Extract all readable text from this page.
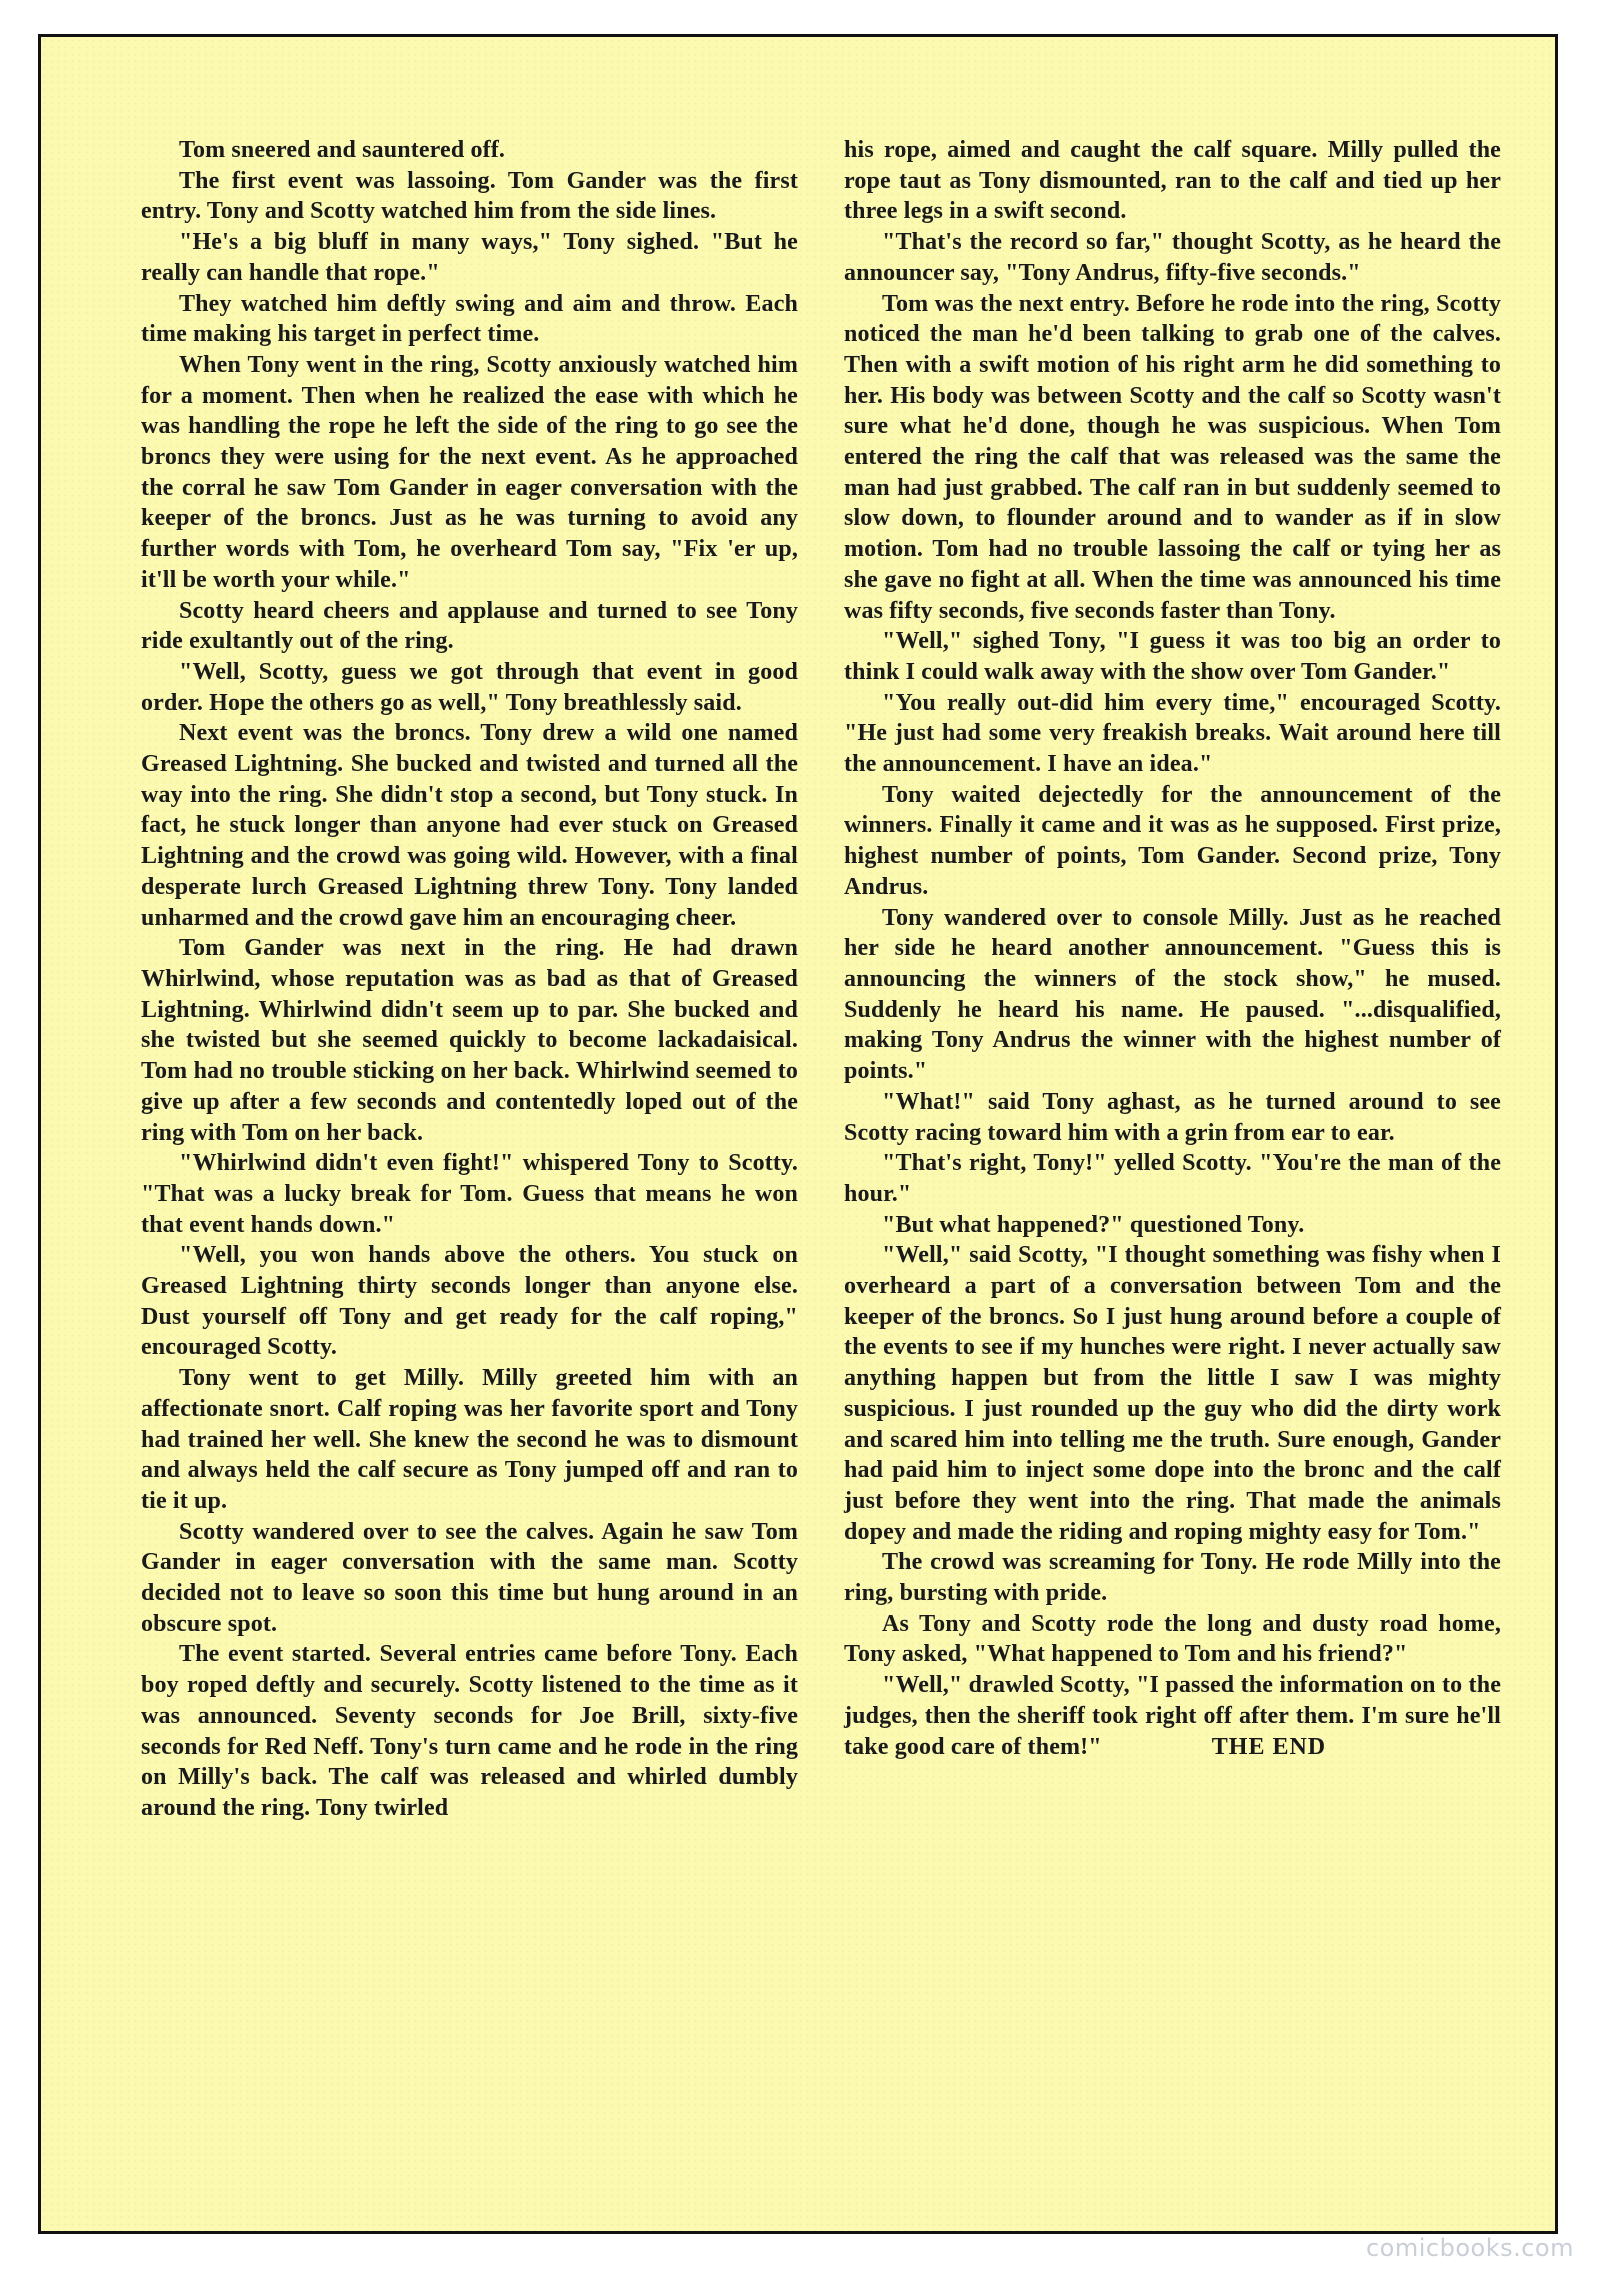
Tom sneered and sauntered off.

The first event was lassoing. Tom Gander was the first entry. Tony and Scotty watched him from the side lines.

"He's a big bluff in many ways," Tony sighed. "But he really can handle that rope."

They watched him deftly swing and aim and throw. Each time making his target in perfect time.

When Tony went in the ring, Scotty anxiously watched him for a moment. Then when he realized the ease with which he was handling the rope he left the side of the ring to go see the broncs they were using for the next event. As he approached the corral he saw Tom Gander in eager conversation with the keeper of the broncs. Just as he was turning to avoid any further words with Tom, he overheard Tom say, "Fix 'er up, it'll be worth your while."

Scotty heard cheers and applause and turned to see Tony ride exultantly out of the ring.

"Well, Scotty, guess we got through that event in good order. Hope the others go as well," Tony breathlessly said.

Next event was the broncs. Tony drew a wild one named Greased Lightning. She bucked and twisted and turned all the way into the ring. She didn't stop a second, but Tony stuck. In fact, he stuck longer than anyone had ever stuck on Greased Lightning and the crowd was going wild. However, with a final desperate lurch Greased Lightning threw Tony. Tony landed unharmed and the crowd gave him an encouraging cheer.

Tom Gander was next in the ring. He had drawn Whirlwind, whose reputation was as bad as that of Greased Lightning. Whirlwind didn't seem up to par. She bucked and she twisted but she seemed quickly to become lackadaisical. Tom had no trouble sticking on her back. Whirlwind seemed to give up after a few seconds and contentedly loped out of the ring with Tom on her back.

"Whirlwind didn't even fight!" whispered Tony to Scotty. "That was a lucky break for Tom. Guess that means he won that event hands down."

"Well, you won hands above the others. You stuck on Greased Lightning thirty seconds longer than anyone else. Dust yourself off Tony and get ready for the calf roping," encouraged Scotty.

Tony went to get Milly. Milly greeted him with an affectionate snort. Calf roping was her favorite sport and Tony had trained her well. She knew the second he was to dismount and always held the calf secure as Tony jumped off and ran to tie it up.

Scotty wandered over to see the calves. Again he saw Tom Gander in eager conversation with the same man. Scotty decided not to leave so soon this time but hung around in an obscure spot.

The event started. Several entries came before Tony. Each boy roped deftly and securely. Scotty listened to the time as it was announced. Seventy seconds for Joe Brill, sixty-five seconds for Red Neff. Tony's turn came and he rode in the ring on Milly's back. The calf was released and whirled dumbly around the ring. Tony twirled

his rope, aimed and caught the calf square. Milly pulled the rope taut as Tony dismounted, ran to the calf and tied up her three legs in a swift second.

"That's the record so far," thought Scotty, as he heard the announcer say, "Tony Andrus, fifty-five seconds."

Tom was the next entry. Before he rode into the ring, Scotty noticed the man he'd been talking to grab one of the calves. Then with a swift motion of his right arm he did something to her. His body was between Scotty and the calf so Scotty wasn't sure what he'd done, though he was suspicious. When Tom entered the ring the calf that was released was the same the man had just grabbed. The calf ran in but suddenly seemed to slow down, to flounder around and to wander as if in slow motion. Tom had no trouble lassoing the calf or tying her as she gave no fight at all. When the time was announced his time was fifty seconds, five seconds faster than Tony.

"Well," sighed Tony, "I guess it was too big an order to think I could walk away with the show over Tom Gander."

"You really out-did him every time," encouraged Scotty. "He just had some very freakish breaks. Wait around here till the announcement. I have an idea."

Tony waited dejectedly for the announcement of the winners. Finally it came and it was as he supposed. First prize, highest number of points, Tom Gander. Second prize, Tony Andrus.

Tony wandered over to console Milly. Just as he reached her side he heard another announcement. "Guess this is announcing the winners of the stock show," he mused. Suddenly he heard his name. He paused. "...disqualified, making Tony Andrus the winner with the highest number of points."

"What!" said Tony aghast, as he turned around to see Scotty racing toward him with a grin from ear to ear.

"That's right, Tony!" yelled Scotty. "You're the man of the hour."

"But what happened?" questioned Tony.

"Well," said Scotty, "I thought something was fishy when I overheard a part of a conversation between Tom and the keeper of the broncs. So I just hung around before a couple of the events to see if my hunches were right. I never actually saw anything happen but from the little I saw I was mighty suspicious. I just rounded up the guy who did the dirty work and scared him into telling me the truth. Sure enough, Gander had paid him to inject some dope into the bronc and the calf just before they went into the ring. That made the animals dopey and made the riding and roping mighty easy for Tom."

The crowd was screaming for Tony. He rode Milly into the ring, bursting with pride.

As Tony and Scotty rode the long and dusty road home, Tony asked, "What happened to Tom and his friend?"

"Well," drawled Scotty, "I passed the information on to the judges, then the sheriff took right off after them. I'm sure he'll take good care of them!"	THE END

comicbooks.com
